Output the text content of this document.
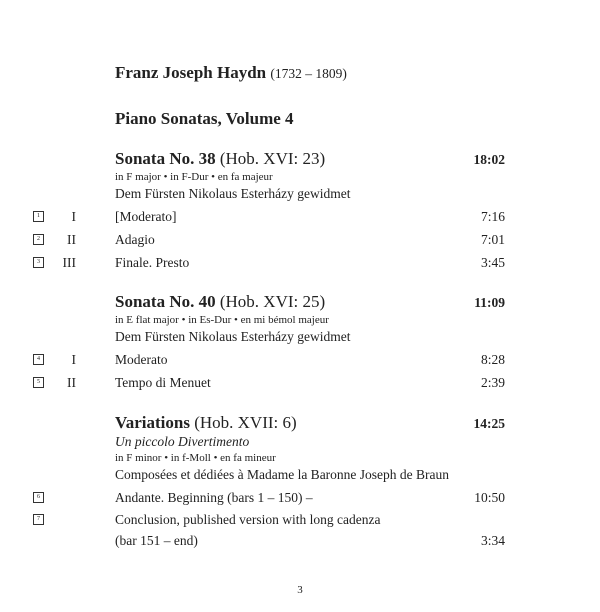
Franz Joseph Haydn (1732 – 1809)
Piano Sonatas, Volume 4
Sonata No. 38 (Hob. XVI: 23)	18:02
in F major • in F-Dur • en fa majeur
Dem Fürsten Nikolaus Esterházy gewidmet
1	I	[Moderato]	7:16
2	II	Adagio	7:01
3	III	Finale. Presto	3:45
Sonata No. 40 (Hob. XVI: 25)	11:09
in E flat major • in Es-Dur • en mi bémol majeur
Dem Fürsten Nikolaus Esterházy gewidmet
4	I	Moderato	8:28
5	II	Tempo di Menuet	2:39
Variations (Hob. XVII: 6)	14:25
Un piccolo Divertimento
in F minor • in f-Moll • en fa mineur
Composées et dédiées à Madame la Baronne Joseph de Braun
6	Andante. Beginning (bars 1 – 150) –	10:50
7	Conclusion, published version with long cadenza
(bar 151 – end)	3:34
3
